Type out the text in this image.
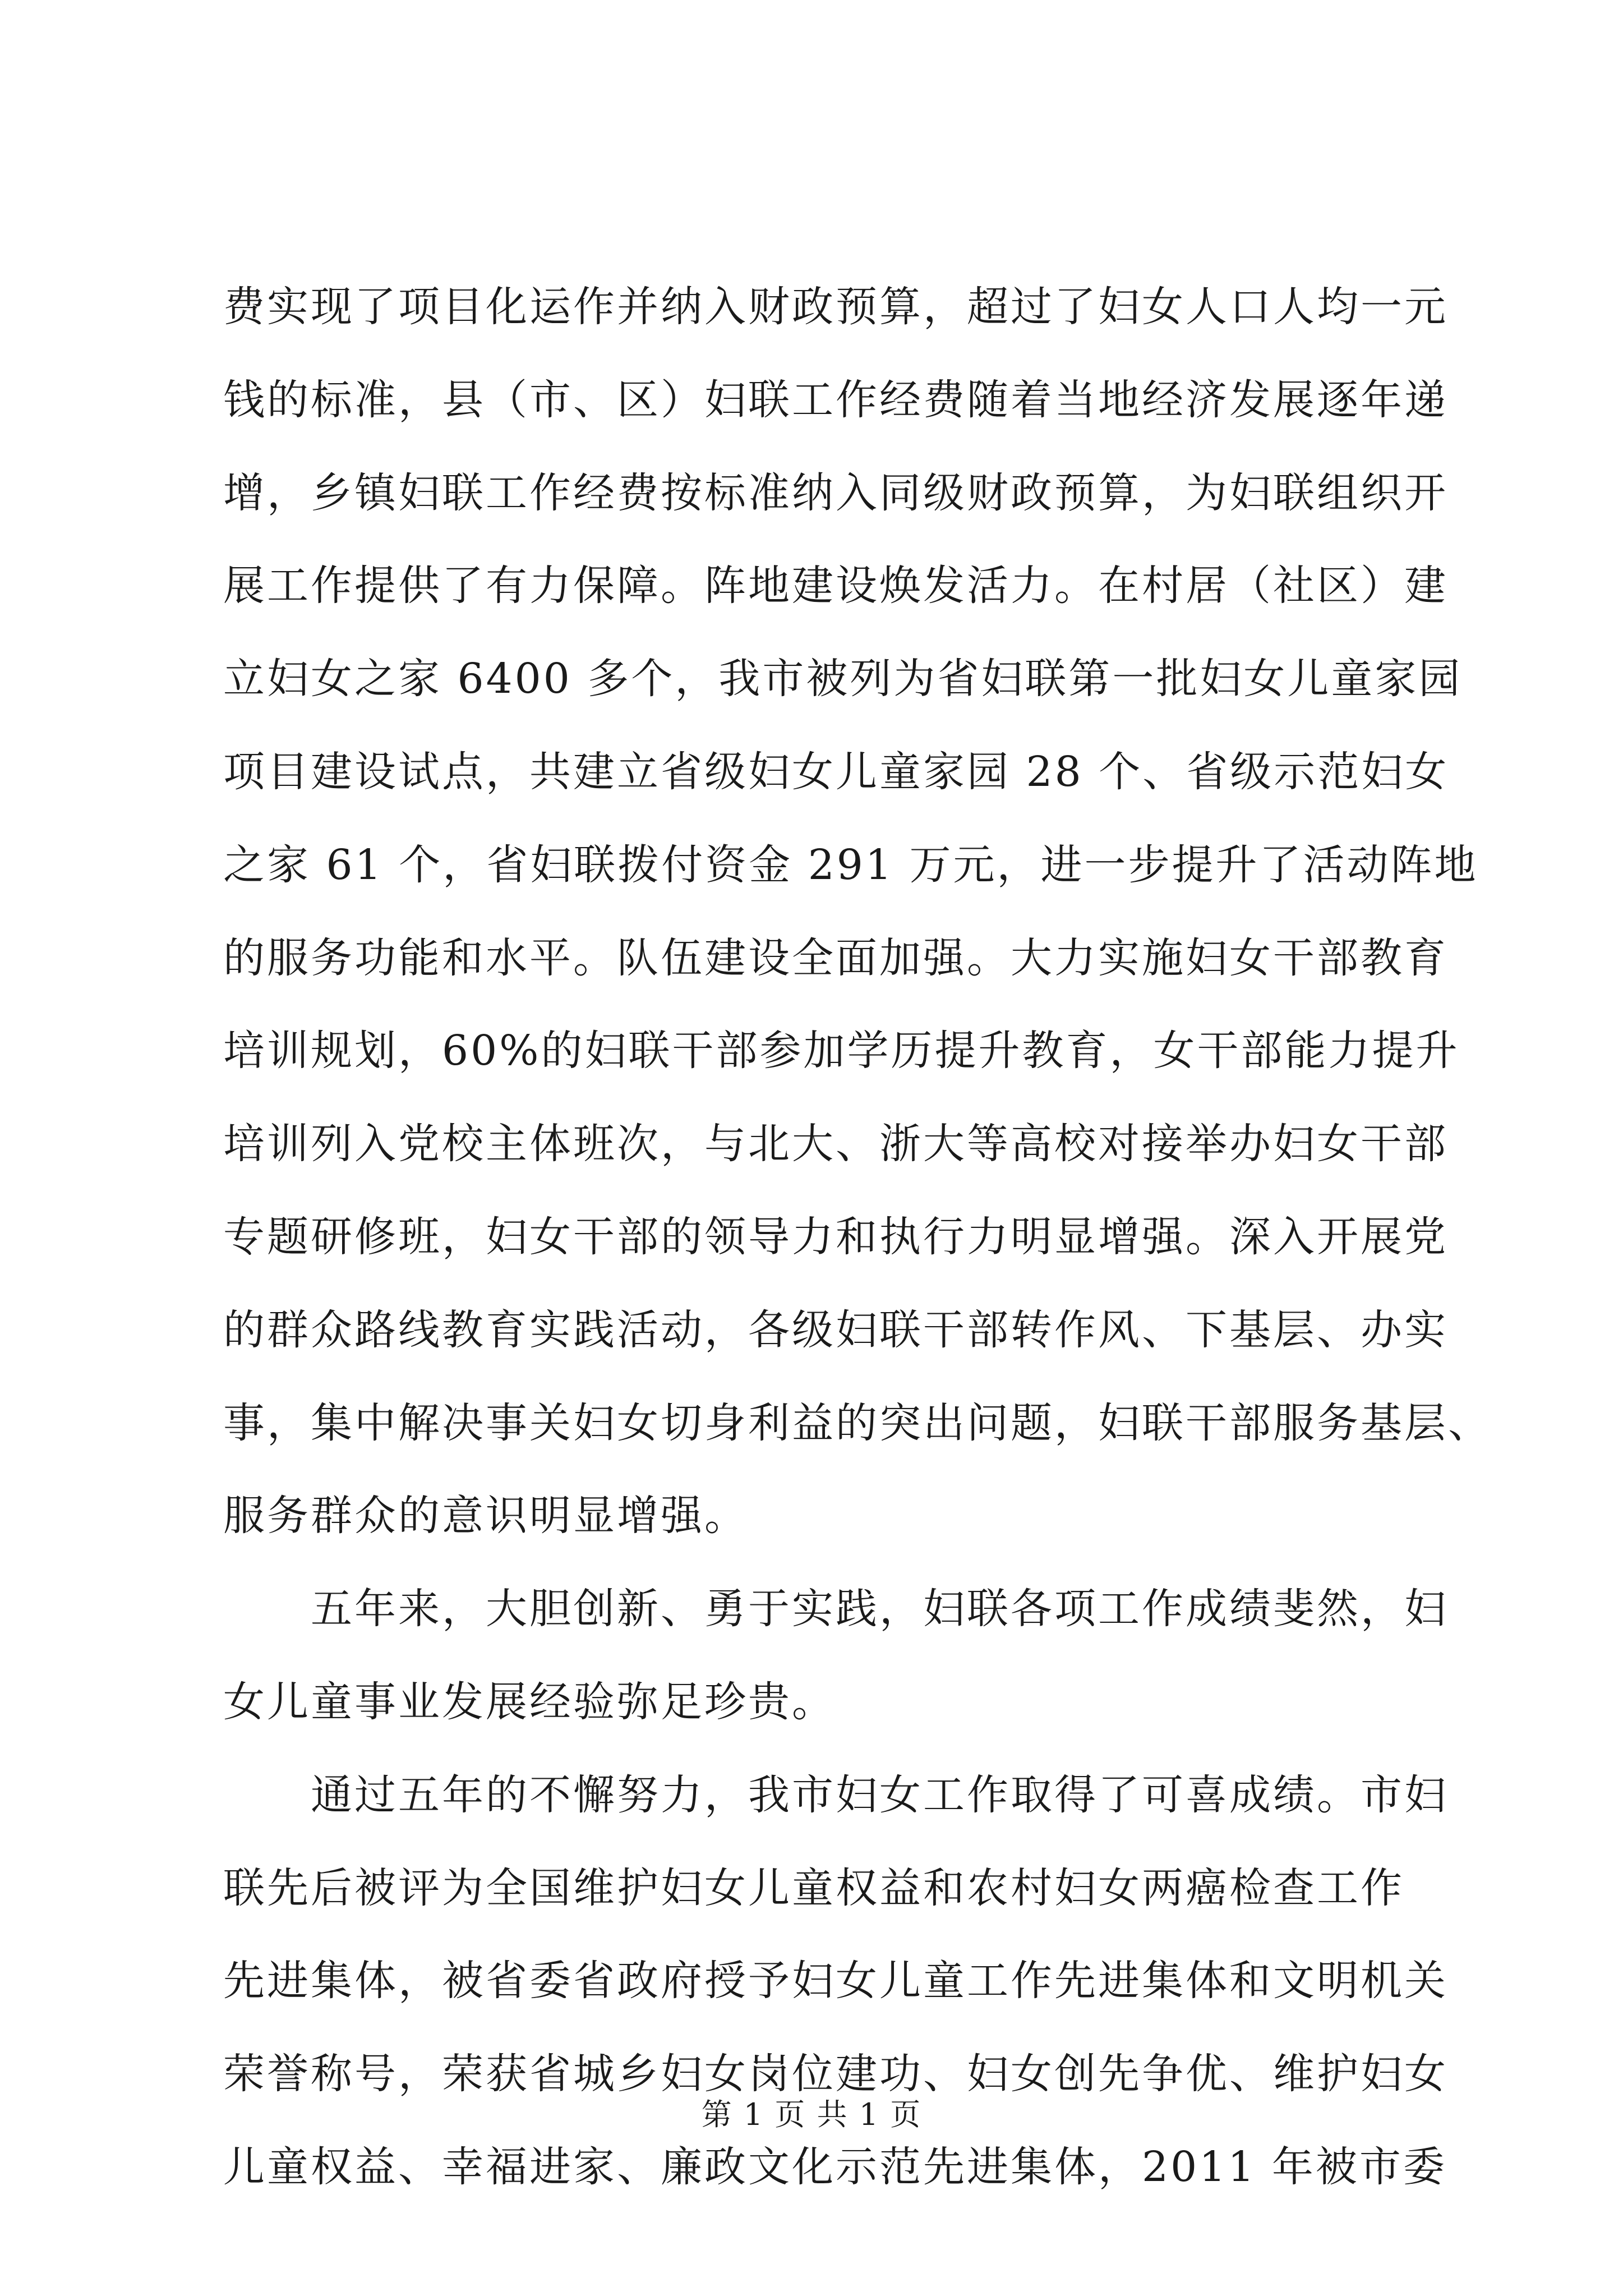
费实现了项目化运作并纳入财政预算，超过了妇女人口人均一元
钱的标准，县（市、区）妇联工作经费随着当地经济发展逐年递
增，乡镇妇联工作经费按标准纳入同级财政预算，为妇联组织开
展工作提供了有力保障。阵地建设焕发活力。在村居（社区）建
立妇女之家 6400 多个，我市被列为省妇联第一批妇女儿童家园
项目建设试点，共建立省级妇女儿童家园 28 个、省级示范妇女
之家 61 个，省妇联拨付资金 291 万元，进一步提升了活动阵地
的服务功能和水平。队伍建设全面加强。大力实施妇女干部教育
培训规划，60%的妇联干部参加学历提升教育，女干部能力提升
培训列入党校主体班次，与北大、浙大等高校对接举办妇女干部
专题研修班，妇女干部的领导力和执行力明显增强。深入开展党
的群众路线教育实践活动，各级妇联干部转作风、下基层、办实
事，集中解决事关妇女切身利益的突出问题，妇联干部服务基层、
服务群众的意识明显增强。
　　五年来，大胆创新、勇于实践，妇联各项工作成绩斐然，妇
女儿童事业发展经验弥足珍贵。
　　通过五年的不懈努力，我市妇女工作取得了可喜成绩。市妇
联先后被评为全国维护妇女儿童权益和农村妇女两癌检查工作
先进集体，被省委省政府授予妇女儿童工作先进集体和文明机关
荣誉称号，荣获省城乡妇女岗位建功、妇女创先争优、维护妇女
儿童权益、幸福进家、廉政文化示范先进集体，2011 年被市委
第 1 页 共 1 页
